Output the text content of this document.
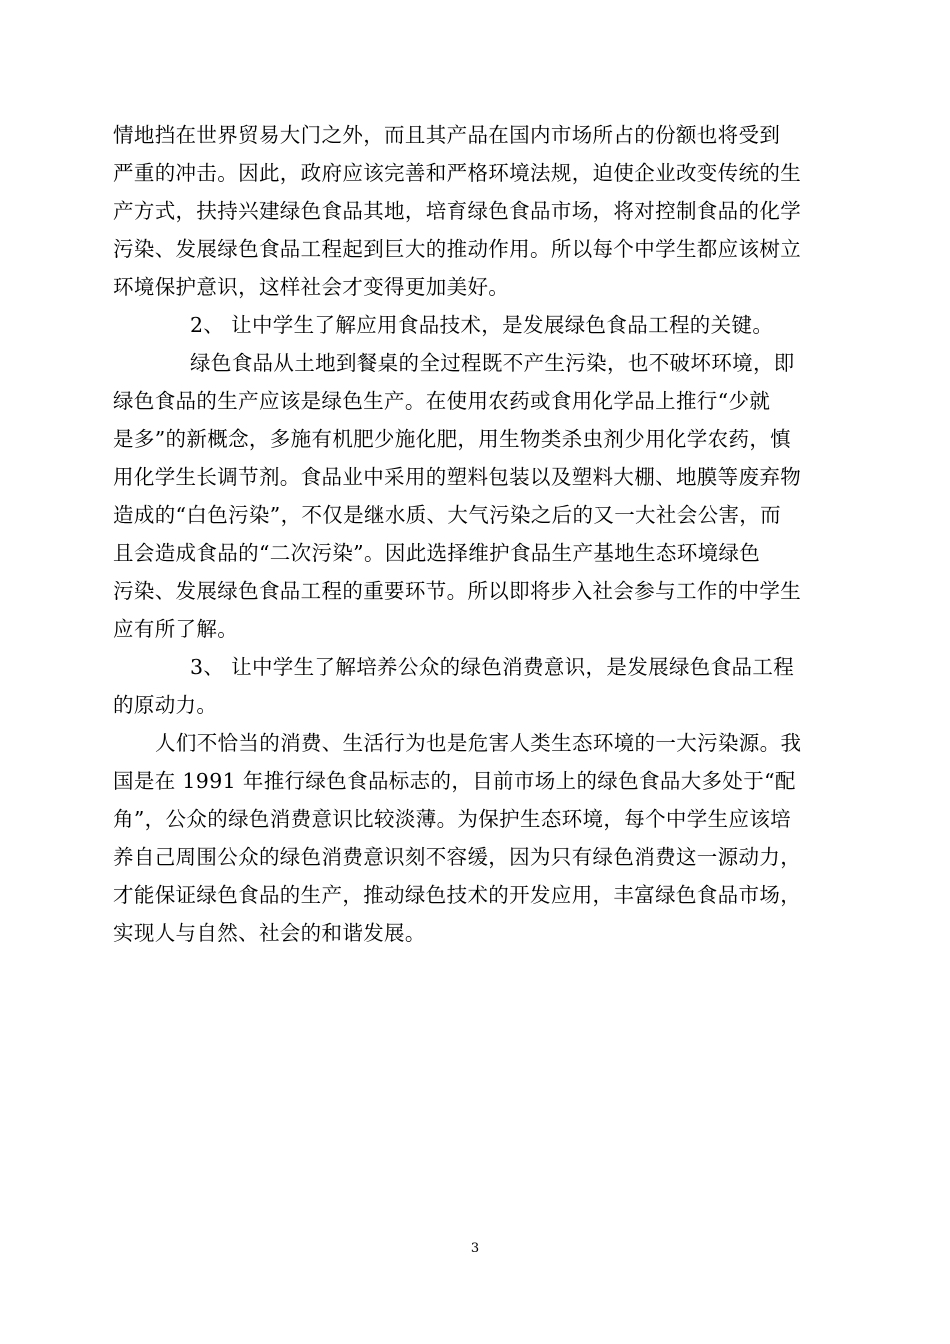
情地挡在世界贸易大门之外，而且其产品在国内市场所占的份额也将受到
严重的冲击。因此，政府应该完善和严格环境法规，迫使企业改变传统的生
产方式，扶持兴建绿色食品其地，培育绿色食品市场，将对控制食品的化学
污染、发展绿色食品工程起到巨大的推动作用。所以每个中学生都应该树立
环境保护意识，这样社会才变得更加美好。
2、 让中学生了解应用食品技术，是发展绿色食品工程的关键。
绿色食品从土地到餐桌的全过程既不产生污染，也不破坏环境，即
绿色食品的生产应该是绿色生产。在使用农药或食用化学品上推行“少就
是多”的新概念，多施有机肥少施化肥，用生物类杀虫剂少用化学农药，慎
用化学生长调节剂。食品业中采用的塑料包装以及塑料大棚、地膜等废弃物
造成的“白色污染”，不仅是继水质、大气污染之后的又一大社会公害，而
且会造成食品的“二次污染”。因此选择维护食品生产基地生态环境绿色
污染、发展绿色食品工程的重要环节。所以即将步入社会参与工作的中学生
应有所了解。
3、 让中学生了解培养公众的绿色消费意识，是发展绿色食品工程
的原动力。
人们不恰当的消费、生活行为也是危害人类生态环境的一大污染源。我
国是在 1991 年推行绿色食品标志的，目前市场上的绿色食品大多处于“配
角”，公众的绿色消费意识比较淡薄。为保护生态环境，每个中学生应该培
养自己周围公众的绿色消费意识刻不容缓，因为只有绿色消费这一源动力，
才能保证绿色食品的生产，推动绿色技术的开发应用，丰富绿色食品市场，
实现人与自然、社会的和谐发展。
3
